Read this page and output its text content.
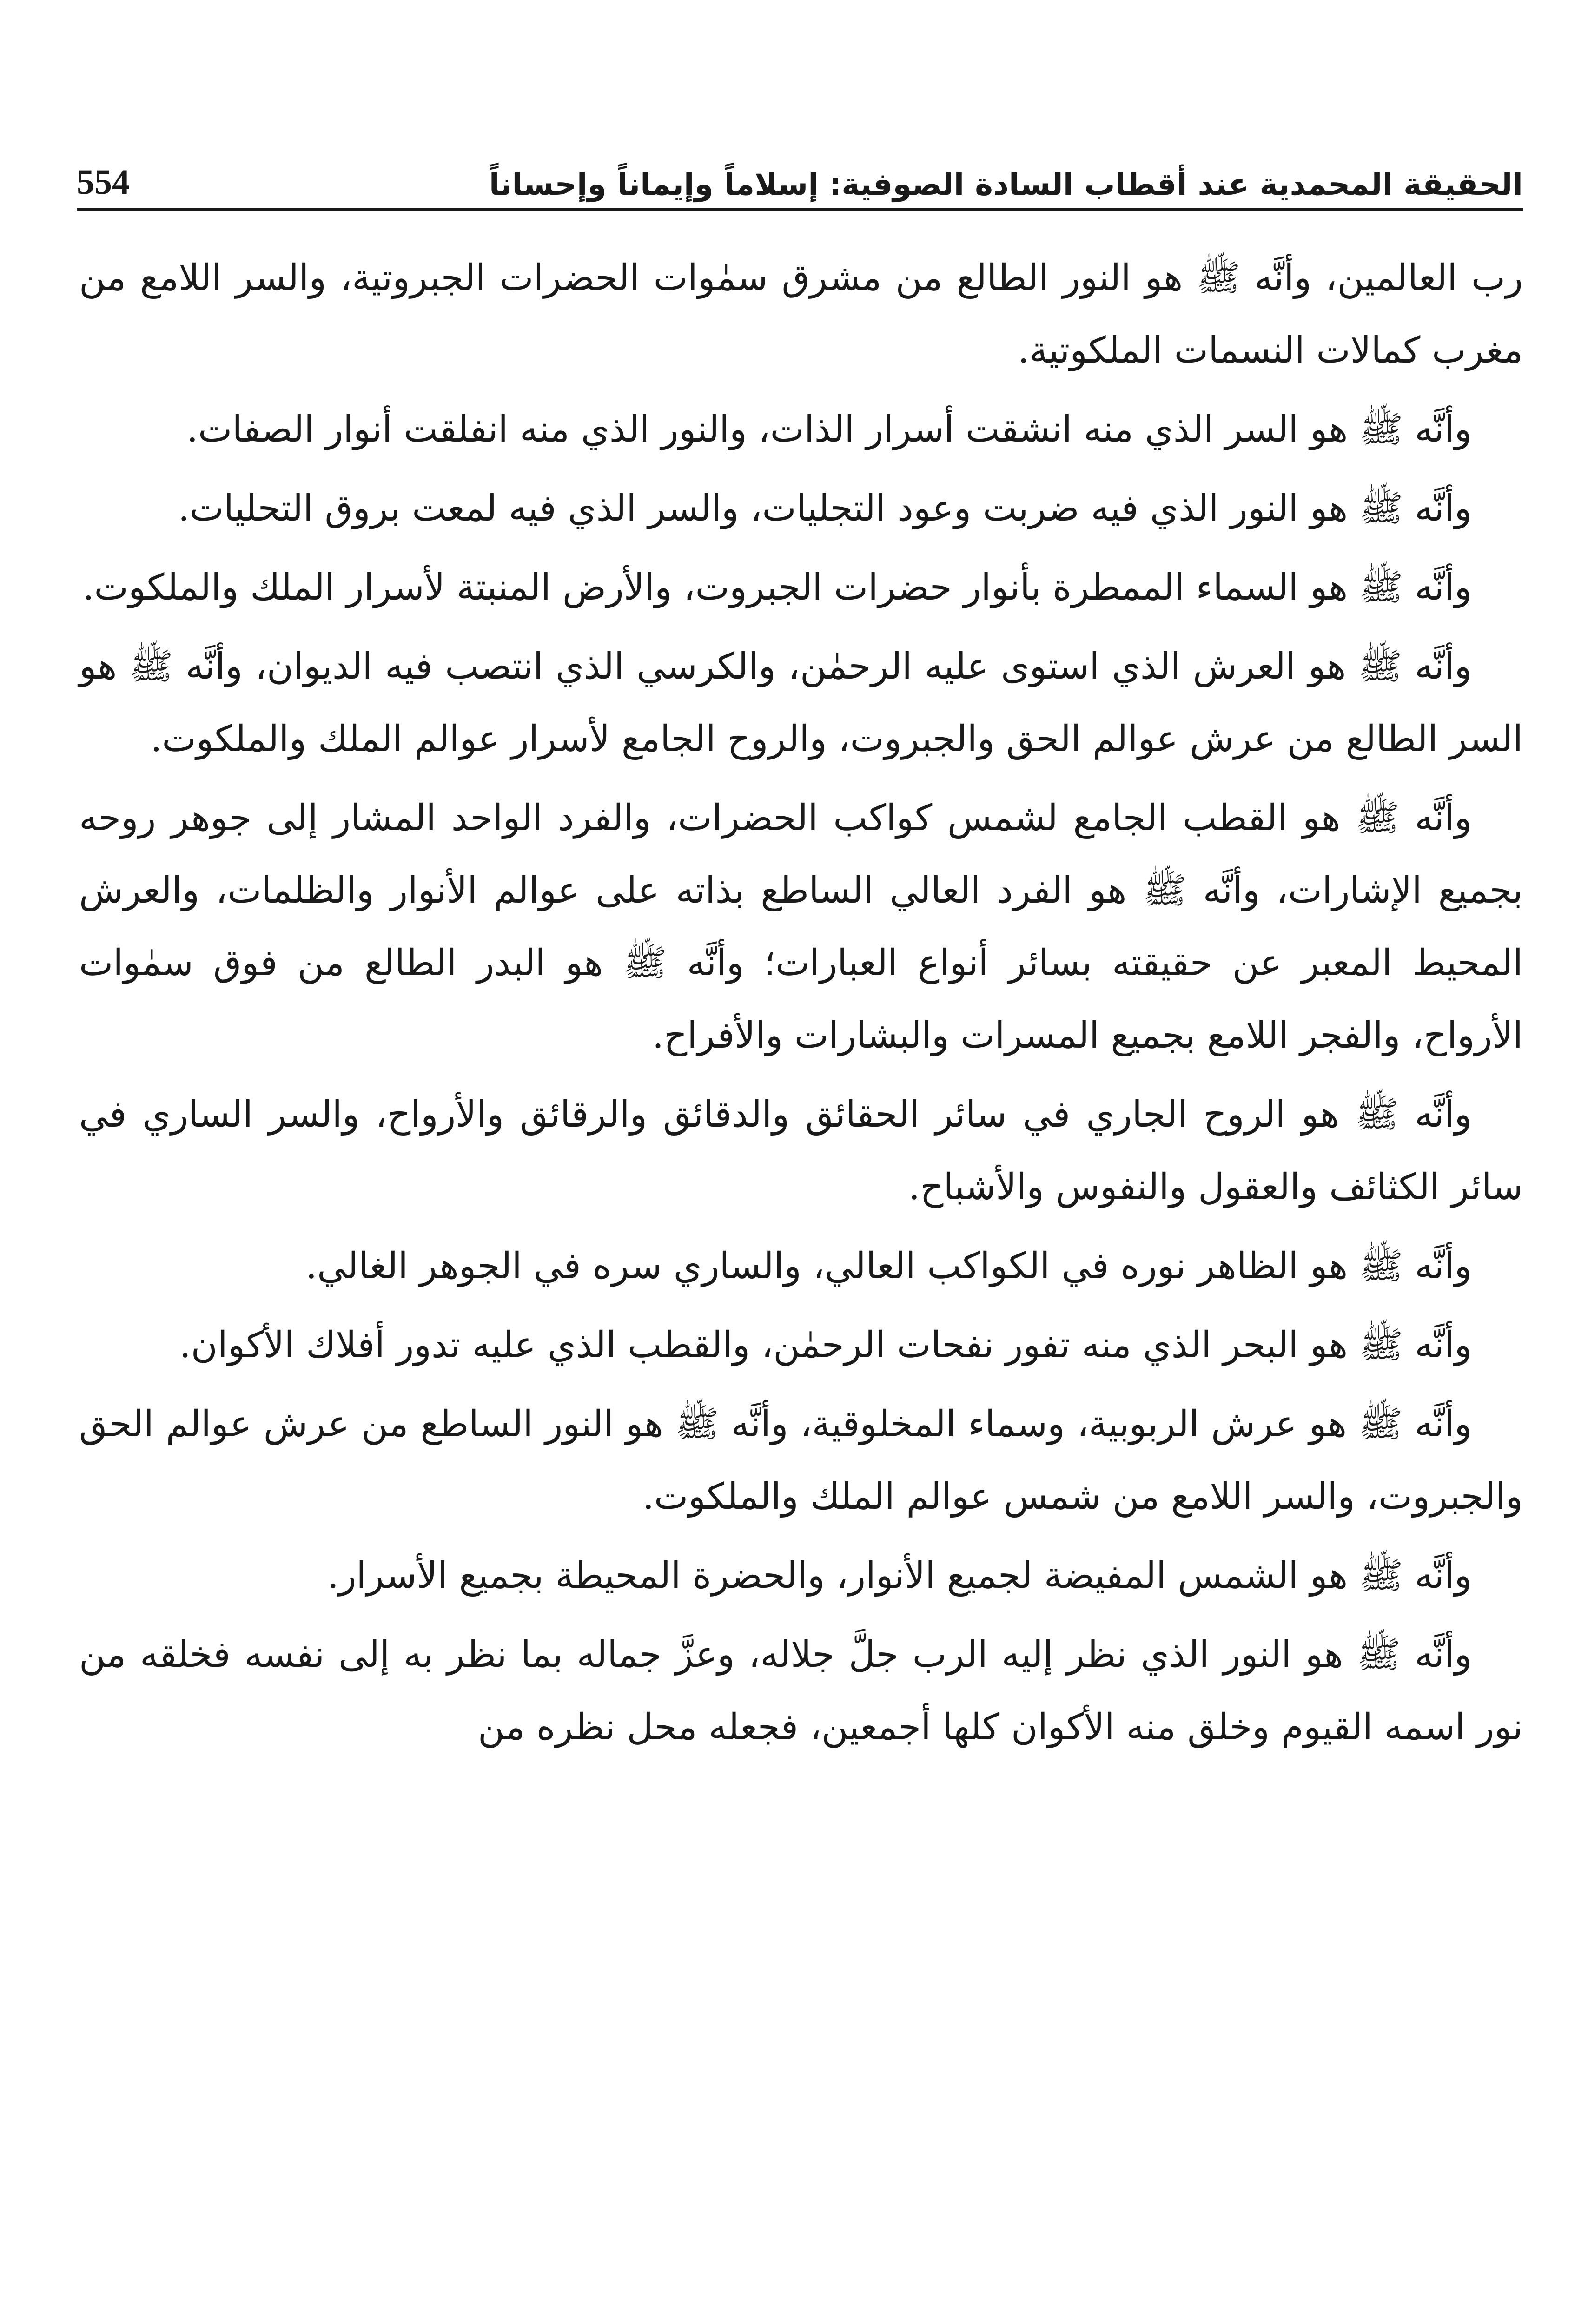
الحقيقة المحمدية عند أقطاب السادة الصوفية: إسلاماً وإيماناً وإحساناً
554

رب العالمين، وأنَّه ﷺ هو النور الطالع من مشرق سمٰوات الحضرات الجبروتية، والسر اللامع من مغرب كمالات النسمات الملكوتية.

وأنَّه ﷺ هو السر الذي منه انشقت أسرار الذات، والنور الذي منه انفلقت أنوار الصفات.

وأنَّه ﷺ هو النور الذي فيه ضربت وعود التجليات، والسر الذي فيه لمعت بروق التحليات.

وأنَّه ﷺ هو السماء الممطرة بأنوار حضرات الجبروت، والأرض المنبتة لأسرار الملك والملكوت.

وأنَّه ﷺ هو العرش الذي استوى عليه الرحمٰن، والكرسي الذي انتصب فيه الديوان، وأنَّه ﷺ هو السر الطالع من عرش عوالم الحق والجبروت، والروح الجامع لأسرار عوالم الملك والملكوت.

وأنَّه ﷺ هو القطب الجامع لشمس كواكب الحضرات، والفرد الواحد المشار إلى جوهر روحه بجميع الإشارات، وأنَّه ﷺ هو الفرد العالي الساطع بذاته على عوالم الأنوار والظلمات، والعرش المحيط المعبر عن حقيقته بسائر أنواع العبارات؛ وأنَّه ﷺ هو البدر الطالع من فوق سمٰوات الأرواح، والفجر اللامع بجميع المسرات والبشارات والأفراح.

وأنَّه ﷺ هو الروح الجاري في سائر الحقائق والدقائق والرقائق والأرواح، والسر الساري في سائر الكثائف والعقول والنفوس والأشباح.

وأنَّه ﷺ هو الظاهر نوره في الكواكب العالي، والساري سره في الجوهر الغالي.

وأنَّه ﷺ هو البحر الذي منه تفور نفحات الرحمٰن، والقطب الذي عليه تدور أفلاك الأكوان.

وأنَّه ﷺ هو عرش الربوبية، وسماء المخلوقية، وأنَّه ﷺ هو النور الساطع من عرش عوالم الحق والجبروت، والسر اللامع من شمس عوالم الملك والملكوت.

وأنَّه ﷺ هو الشمس المفيضة لجميع الأنوار، والحضرة المحيطة بجميع الأسرار.

وأنَّه ﷺ هو النور الذي نظر إليه الرب جلَّ جلاله، وعزَّ جماله بما نظر به إلى نفسه فخلقه من نور اسمه القيوم وخلق منه الأكوان كلها أجمعين، فجعله محل نظره من
